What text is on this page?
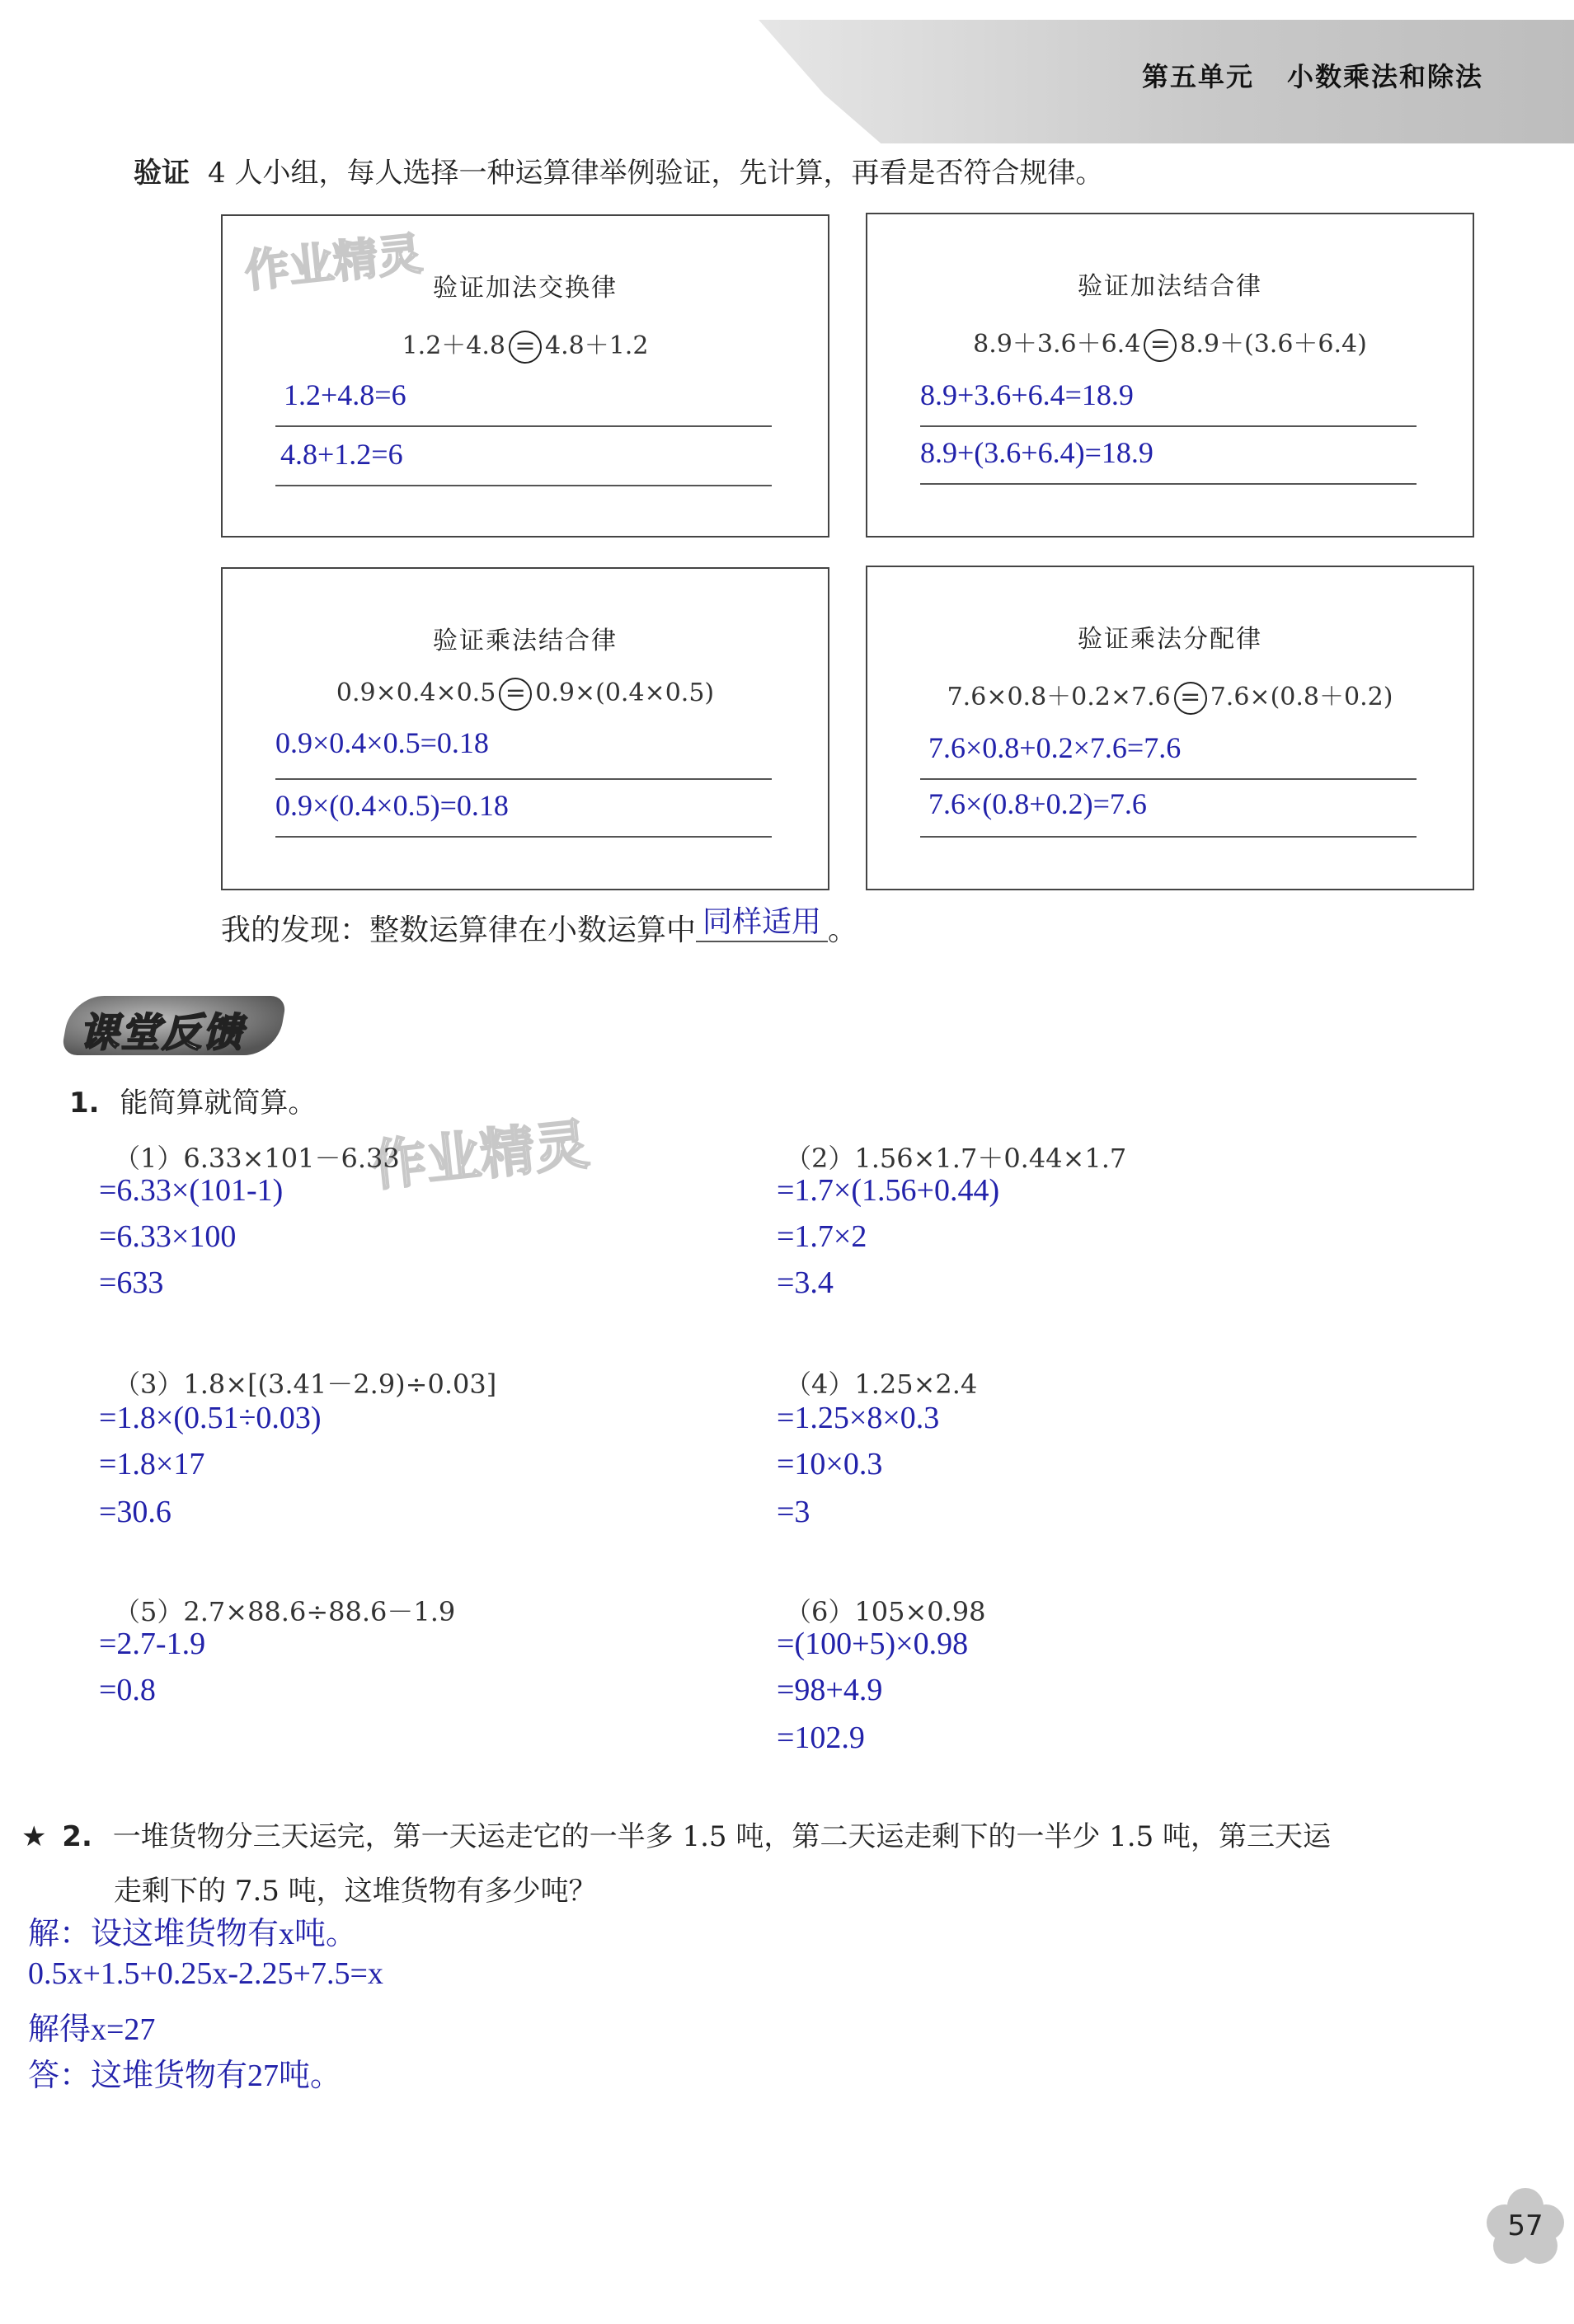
第五单元 小数乘法和除法
验证 4 人小组，每人选择一种运算律举例验证，先计算，再看是否符合规律。
作业精灵 验证加法交换律
1.2＋4.8 = 4.8＋1.2
1.2+4.8=6
4.8+1.2=6
验证加法结合律
8.9＋3.6＋6.4 = 8.9＋(3.6＋6.4)
8.9+3.6+6.4=18.9
8.9+(3.6+6.4)=18.9
验证乘法结合律
0.9×0.4×0.5 = 0.9×(0.4×0.5)
0.9×0.4×0.5=0.18
0.9×(0.4×0.5)=0.18
验证乘法分配律
7.6×0.8＋0.2×7.6 = 7.6×(0.8＋0.2)
7.6×0.8+0.2×7.6=7.6
7.6×(0.8+0.2)=7.6
我的发现：整数运算律在小数运算中 同样适用 。
课堂反馈
1. 能简算就简算。
作业精灵
（1）6.33×101－6.33
=6.33×(101-1)
=6.33×100
=633
（2）1.56×1.7＋0.44×1.7
=1.7×(1.56+0.44)
=1.7×2
=3.4
（3）1.8×[(3.41－2.9)÷0.03]
=1.8×(0.51÷0.03)
=1.8×17
=30.6
（4）1.25×2.4
=1.25×8×0.3
=10×0.3
=3
（5）2.7×88.6÷88.6－1.9
=2.7-1.9
=0.8
（6）105×0.98
=(100+5)×0.98
=98+4.9
=102.9
★ 2. 一堆货物分三天运完，第一天运走它的一半多 1.5 吨，第二天运走剩下的一半少 1.5 吨，第三天运
走剩下的 7.5 吨，这堆货物有多少吨？
解：设这堆货物有x吨。
0.5x+1.5+0.25x-2.25+7.5=x
解得x=27
答：这堆货物有27吨。
57
